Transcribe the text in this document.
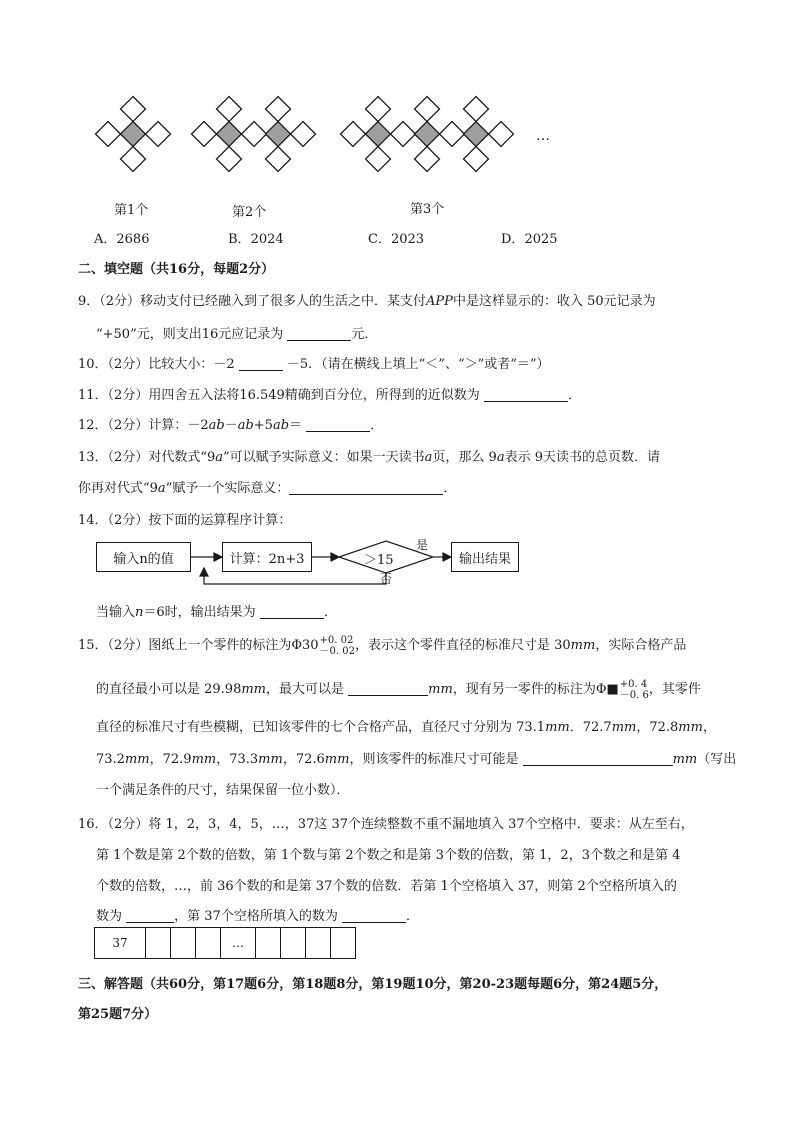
…
第1个	第2个	第3个
A．2686	B．2024	C．2023	D．2025
二、填空题（共16分，每题2分）
9．（2分）移动支付已经融入到了很多人的生活之中．某支付APP中是这样显示的：收入 50元记录为
“+50”元，则支出16元应记录为	元．
10．（2分）比较大小：－2	－5．（请在横线上填上“＜”、“＞”或者“＝”）
11．（2分）用四舍五入法将16.549精确到百分位，所得到的近似数为	．
12．（2分）计算：－2ab－ab+5ab＝	．
13．（2分）对代数式“9a”可以赋予实际意义：如果一天读书a页，那么 9a表示 9天读书的总页数．请
你再对代式“9a”赋予一个实际意义：	．
14．（2分）按下面的运算程序计算：
输入n的值	计算：2n+3	＞15	输出结果
是
否
当输入n＝6时，输出结果为	．
15．（2分）图纸上一个零件的标注为Φ30 +0. 02
－0. 02 ，表示这个零件直径的标准尺寸是 30mm，实际合格产品
的直径最小可以是 29.98mm，最大可以是	mm，现有另一零件的标注为Φ■ +0. 4
－0. 6 ，其零件
直径的标准尺寸有些模糊，已知该零件的七个合格产品，直径尺寸分别为 73.1mm．72.7mm，72.8mm，
73.2mm，72.9mm，73.3mm，72.6mm，则该零件的标准尺寸可能是	mm（写出
一个满足条件的尺寸，结果保留一位小数）．
16．（2分）将 1，2，3，4，5，…，37这 37个连续整数不重不漏地填入 37个空格中．要求：从左至右，
第 1个数是第 2个数的倍数，第 1个数与第 2个数之和是第 3个数的倍数，第 1，2，3个数之和是第 4
个数的倍数，…，前 36个数的和是第 37个数的倍数．若第 1个空格填入 37，则第 2个空格所填入的
数为	，第 37个空格所填入的数为	．
37				…				
三、解答题（共60分，第17题6分，第18题8分，第19题10分，第20-23题每题6分，第24题5分，
第25题7分）
